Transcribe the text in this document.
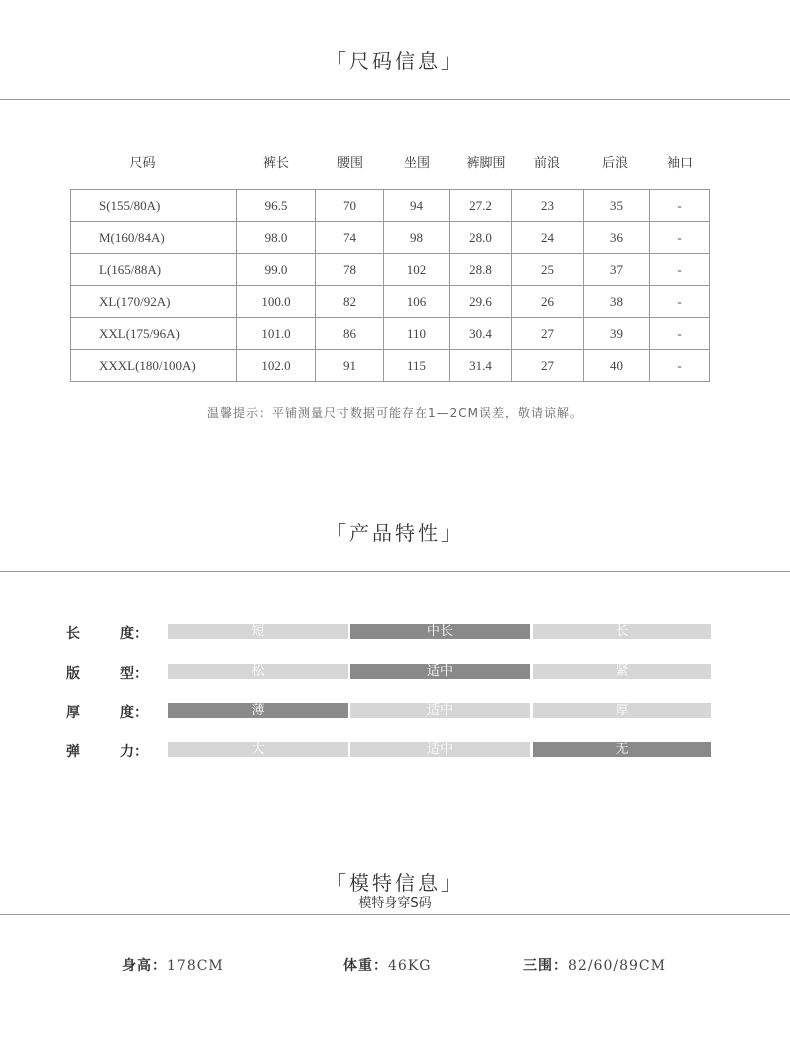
「尺码信息」
尺码	裤长	腰围	坐围	裤脚围	前浪	后浪	袖口
S(155/80A)	96.5	70	94	27.2	23	35	-
M(160/84A)	98.0	74	98	28.0	24	36	-
L(165/88A)	99.0	78	102	28.8	25	37	-
XL(170/92A)	100.0	82	106	29.6	26	38	-
XXL(175/96A)	101.0	86	110	30.4	27	39	-
XXXL(180/100A)	102.0	91	115	31.4	27	40	-
温馨提示：平铺测量尺寸数据可能存在1—2CM误差，敬请谅解。
「产品特性」
长	度：	短	中长	长
版	型：	松	适中	紧
厚	度：	薄	适中	厚
弹	力：	大	适中	无
「模特信息」
模特身穿S码
身高：178CM	体重：46KG	三围：82/60/89CM
